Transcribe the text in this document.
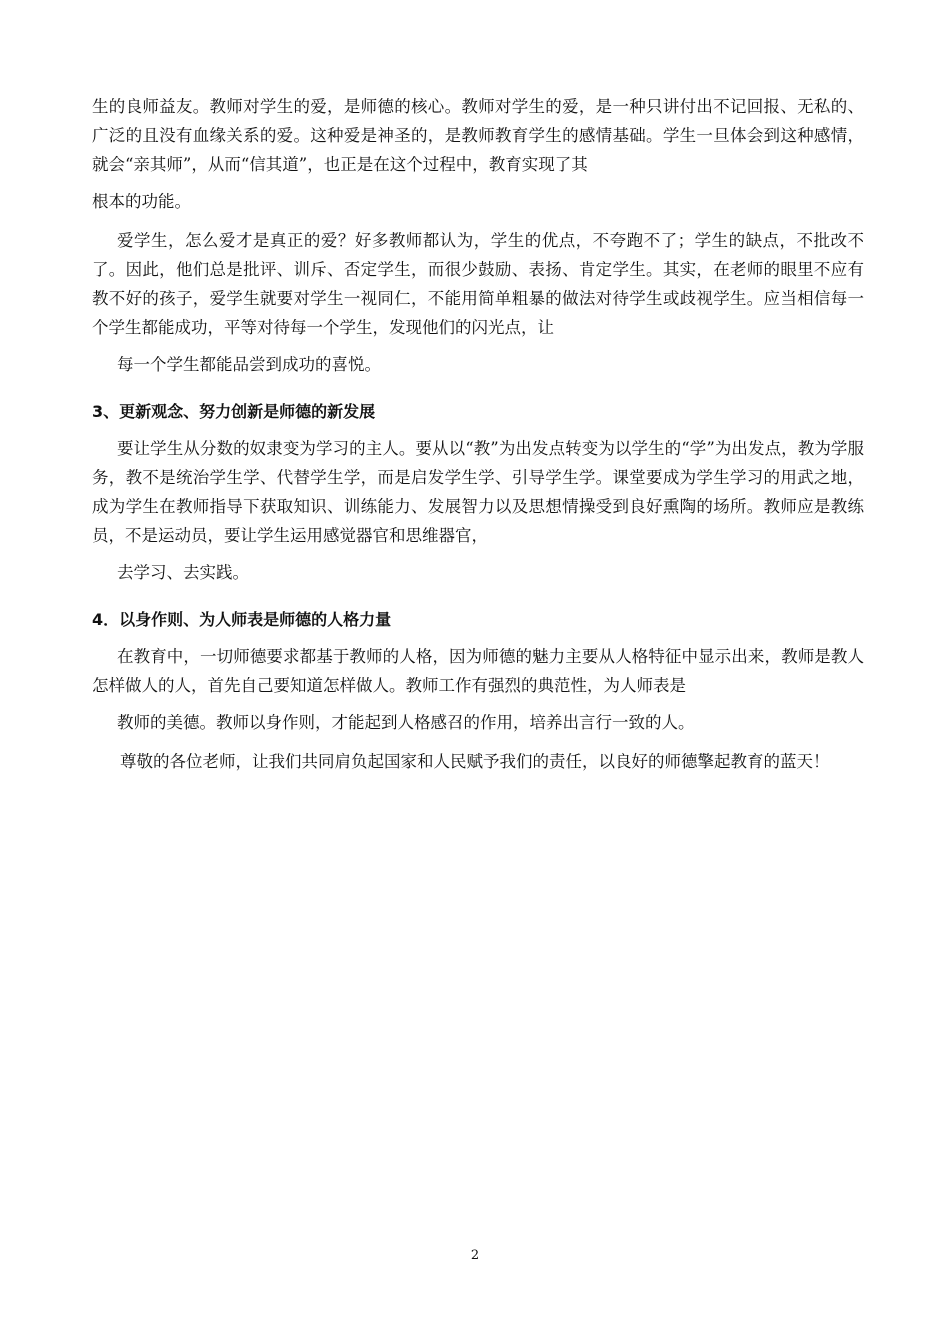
生的良师益友。教师对学生的爱，是师德的核心。教师对学生的爱，是一种只讲付出不记回报、无私的、广泛的且没有血缘关系的爱。这种爱是神圣的，是教师教育学生的感情基础。学生一旦体会到这种感情，就会“亲其师”，从而“信其道”，也正是在这个过程中，教育实现了其
根本的功能。

爱学生，怎么爱才是真正的爱？好多教师都认为，学生的优点，不夸跑不了；学生的缺点，不批改不了。因此，他们总是批评、训斥、否定学生，而很少鼓励、表扬、肯定学生。其实，在老师的眼里不应有教不好的孩子，爱学生就要对学生一视同仁，不能用简单粗暴的做法对待学生或歧视学生。应当相信每一个学生都能成功，平等对待每一个学生，发现他们的闪光点，让
每一个学生都能品尝到成功的喜悦。

3、更新观念、努力创新是师德的新发展

要让学生从分数的奴隶变为学习的主人。要从以“教”为出发点转变为以学生的“学”为出发点，教为学服务，教不是统治学生学、代替学生学，而是启发学生学、引导学生学。课堂要成为学生学习的用武之地，成为学生在教师指导下获取知识、训练能力、发展智力以及思想情操受到良好熏陶的场所。教师应是教练员，不是运动员，要让学生运用感觉器官和思维器官，
去学习、去实践。

4．以身作则、为人师表是师德的人格力量

在教育中，一切师德要求都基于教师的人格，因为师德的魅力主要从人格特征中显示出来，教师是教人怎样做人的人，首先自己要知道怎样做人。教师工作有强烈的典范性，为人师表是
教师的美德。教师以身作则，才能起到人格感召的作用，培养出言行一致的人。

尊敬的各位老师，让我们共同肩负起国家和人民赋予我们的责任，以良好的师德擎起教育的蓝天！

2
